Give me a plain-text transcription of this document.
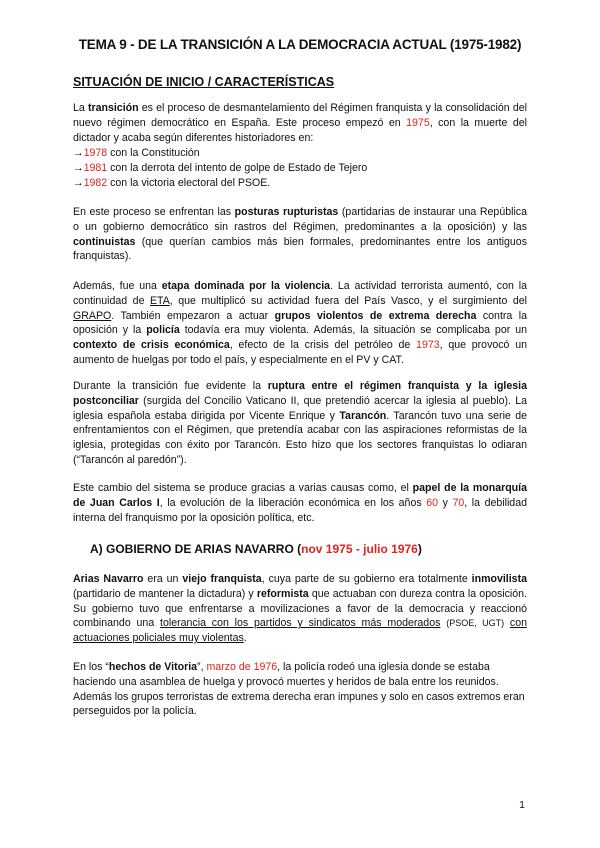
TEMA 9 - DE LA TRANSICIÓN A LA DEMOCRACIA ACTUAL (1975-1982)
SITUACIÓN DE INICIO / CARACTERÍSTICAS

La transición es el proceso de desmantelamiento del Régimen franquista y la consolidación del nuevo régimen democrático en España. Este proceso empezó en 1975, con la muerte del dictador y acaba según diferentes historiadores en:

→1978 con la Constitución
→1981 con la derrota del intento de golpe de Estado de Tejero
→1982 con la victoria electoral del PSOE.

En este proceso se enfrentan las posturas rupturistas (partidarias de instaurar una República o un gobierno democrático sin rastros del Régimen, predominantes a la oposición) y las continuistas (que querían cambios más bien formales, predominantes entre los antiguos franquistas).

Además, fue una etapa dominada por la violencia. La actividad terrorista aumentó, con la continuidad de ETA, que multiplicó su actividad fuera del País Vasco, y el surgimiento del GRAPO. También empezaron a actuar grupos violentos de extrema derecha contra la oposición y la policía todavía era muy violenta. Además, la situación se complicaba por un contexto de crisis económica, efecto de la crisis del petróleo de 1973, que provocó un aumento de huelgas por todo el país, y especialmente en el PV y CAT.

Durante la transición fue evidente la ruptura entre el régimen franquista y la iglesia postconciliar (surgida del Concilio Vaticano II, que pretendió acercar la iglesia al pueblo). La iglesia española estaba dirigida por Vicente Enrique y Tarancón. Tarancón tuvo una serie de enfrentamientos con el Régimen, que pretendía acabar con las aspiraciones reformistas de la iglesia, protegidas con éxito por Tarancón. Esto hizo que los sectores franquistas lo odiaran (“Tarancón al paredón”).

Este cambio del sistema se produce gracias a varias causas como, el papel de la monarquía de Juan Carlos I, la evolución de la liberación económica en los años 60 y 70, la debilidad interna del franquismo por la oposición política, etc.

A) GOBIERNO DE ARIAS NAVARRO (nov 1975 - julio 1976)

Arias Navarro era un viejo franquista, cuya parte de su gobierno era totalmente inmovilista (partidario de mantener la dictadura) y reformista que actuaban con dureza contra la oposición. Su gobierno tuvo que enfrentarse a movilizaciones a favor de la democracia y reaccionó combinando una tolerancia con los partidos y sindicatos más moderados (PSOE, UGT) con actuaciones policiales muy violentas.

En los “hechos de Vitoria”, marzo de 1976, la policía rodeó una iglesia donde se estaba haciendo una asamblea de huelga y provocó muertes y heridos de bala entre los reunidos. Además los grupos terroristas de extrema derecha eran impunes y solo en casos extremos eran perseguidos por la policía.

1
